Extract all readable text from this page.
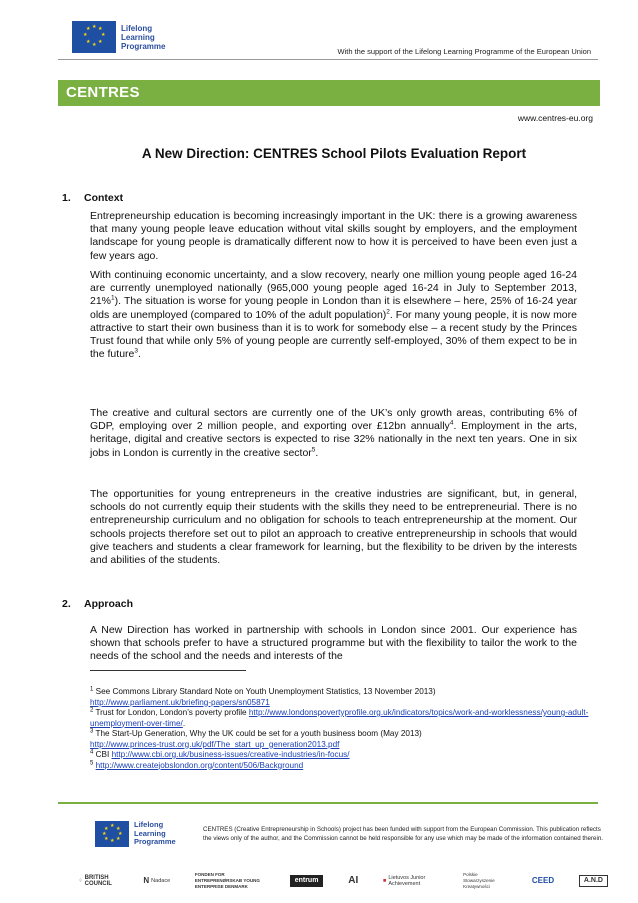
★ ★
★
★
★
★
★
★	Lifelong
Learning
Programme
With the support of the Lifelong Learning Programme of the European Union
CENTRES
www.centres-eu.org
A New Direction: CENTRES School Pilots Evaluation Report
1. Context
Entrepreneurship education is becoming increasingly important in the UK: there is a growing awareness that many young people leave education without vital skills sought by employers, and the employment landscape for young people is dramatically different now to how it is perceived to have been even just a few years ago.
With continuing economic uncertainty, and a slow recovery, nearly one million young people aged 16-24 are currently unemployed nationally (965,000 young people aged 16-24 in July to September 2013, 21%$^1$). The situation is worse for young people in London than it is elsewhere – here, 25% of 16-24 year olds are unemployed (compared to 10% of the adult population)$^2$. For many young people, it is now more attractive to start their own business than it is to work for somebody else – a recent study by the Princes Trust found that while only 5% of young people are currently self-employed, 30% of them expect to be in the future$^3$.
The creative and cultural sectors are currently one of the UK’s only growth areas, contributing 6% of GDP, employing over 2 million people, and exporting over £12bn annually$^4$. Employment in the arts, heritage, digital and creative sectors is expected to rise 32% nationally in the next ten years. One in six jobs in London is currently in the creative sector$^5$.
The opportunities for young entrepreneurs in the creative industries are significant, but, in general, schools do not currently equip their students with the skills they need to be entrepreneurial. There is no entrepreneurship curriculum and no obligation for schools to teach entrepreneurship at the moment. Our schools projects therefore set out to pilot an approach to creative entrepreneurship in schools that would give teachers and students a clear framework for learning, but the flexibility to be driven by the interests and abilities of the students.
2. Approach
A New Direction has worked in partnership with schools in London since 2001. Our experience has shown that schools prefer to have a structured programme but with the flexibility to tailor the work to the needs of the school and the needs and interests of the
$^1$ See Commons Library Standard Note on Youth Unemployment Statistics, 13 November 2013)
http://www.parliament.uk/briefing-papers/sn05871
$^2$ Trust for London, London’s poverty profile http://www.londonspovertyprofile.org.uk/indicators/topics/work-and-worklessness/young-adult-unemployment-over-time/.
$^3$ The Start-Up Generation, Why the UK could be set for a youth business boom (May 2013)
http://www.princes-trust.org.uk/pdf/The_start_up_generation2013.pdf
$^4$ CBI http://www.cbi.org.uk/business-issues/creative-industries/in-focus/
$^5$ http://www.createjobslondon.org/content/506/Background
★ ★
★
★
★
★
★
★	Lifelong
Learning
Programme
CENTRES (Creative Entrepreneurship in Schools) project has been funded with support from the European Commission. This publication reflects the views only of the author, and the Commission cannot be held responsible for any use which may be made of the information contained therein.
⁘ BRITISH COUNCIL	N Nadace
FONDEN FOR ENTREPRENØRSKAB YOUNG ENTERPRISE DENMARK
entrum	AI	■ Lietuvos Junior Achievement
Polskie Stowarzyszenie Kreatywności
CEED	A.N.D
